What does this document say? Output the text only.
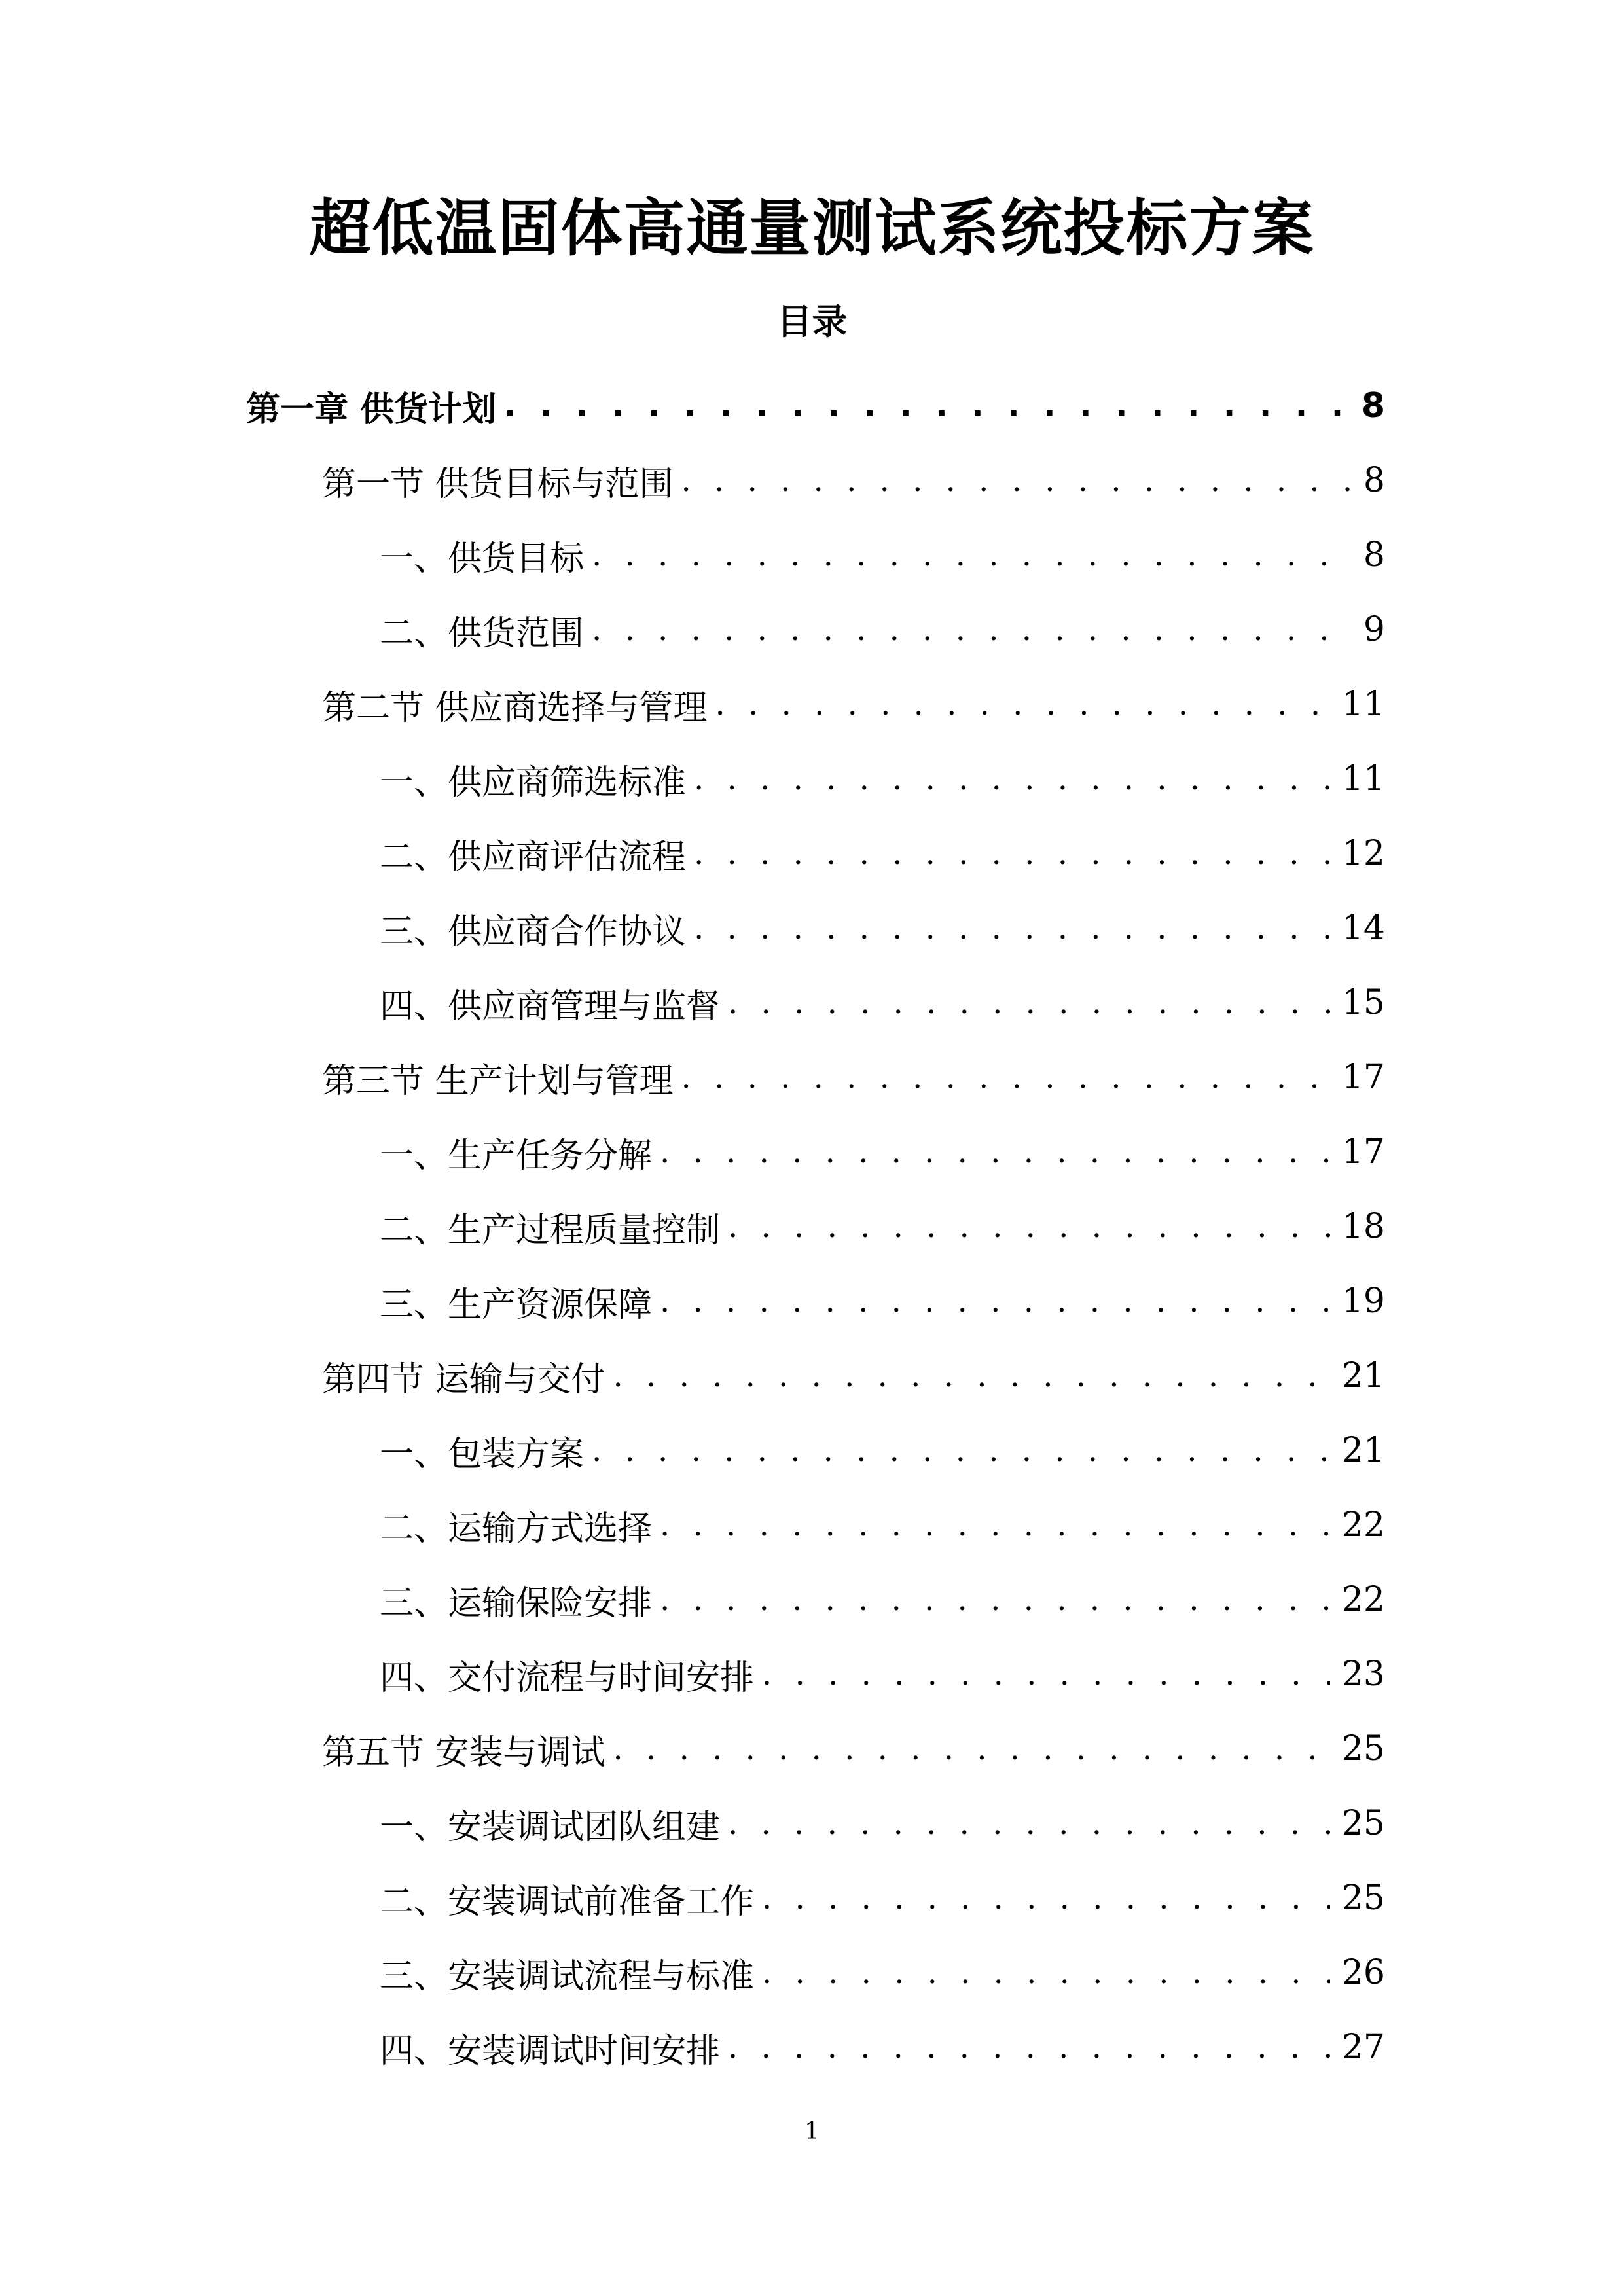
超低温固体高通量测试系统投标方案
目录
第一章 供货计划 . . .	8
第一节 供货目标与范围 . . .	8
一、供货目标 . . .	8
二、供货范围 . . .	9
第二节 供应商选择与管理 . . .	11
一、供应商筛选标准 . . .	11
二、供应商评估流程 . . .	12
三、供应商合作协议 . . .	14
四、供应商管理与监督 . . .	15
第三节 生产计划与管理 . . .	17
一、生产任务分解 . . .	17
二、生产过程质量控制 . . .	18
三、生产资源保障 . . .	19
第四节 运输与交付 . . .	21
一、包装方案 . . .	21
二、运输方式选择 . . .	22
三、运输保险安排 . . .	22
四、交付流程与时间安排 . . .	23
第五节 安装与调试 . . .	25
一、安装调试团队组建 . . .	25
二、安装调试前准备工作 . . .	25
三、安装调试流程与标准 . . .	26
四、安装调试时间安排 . . .	27
1
